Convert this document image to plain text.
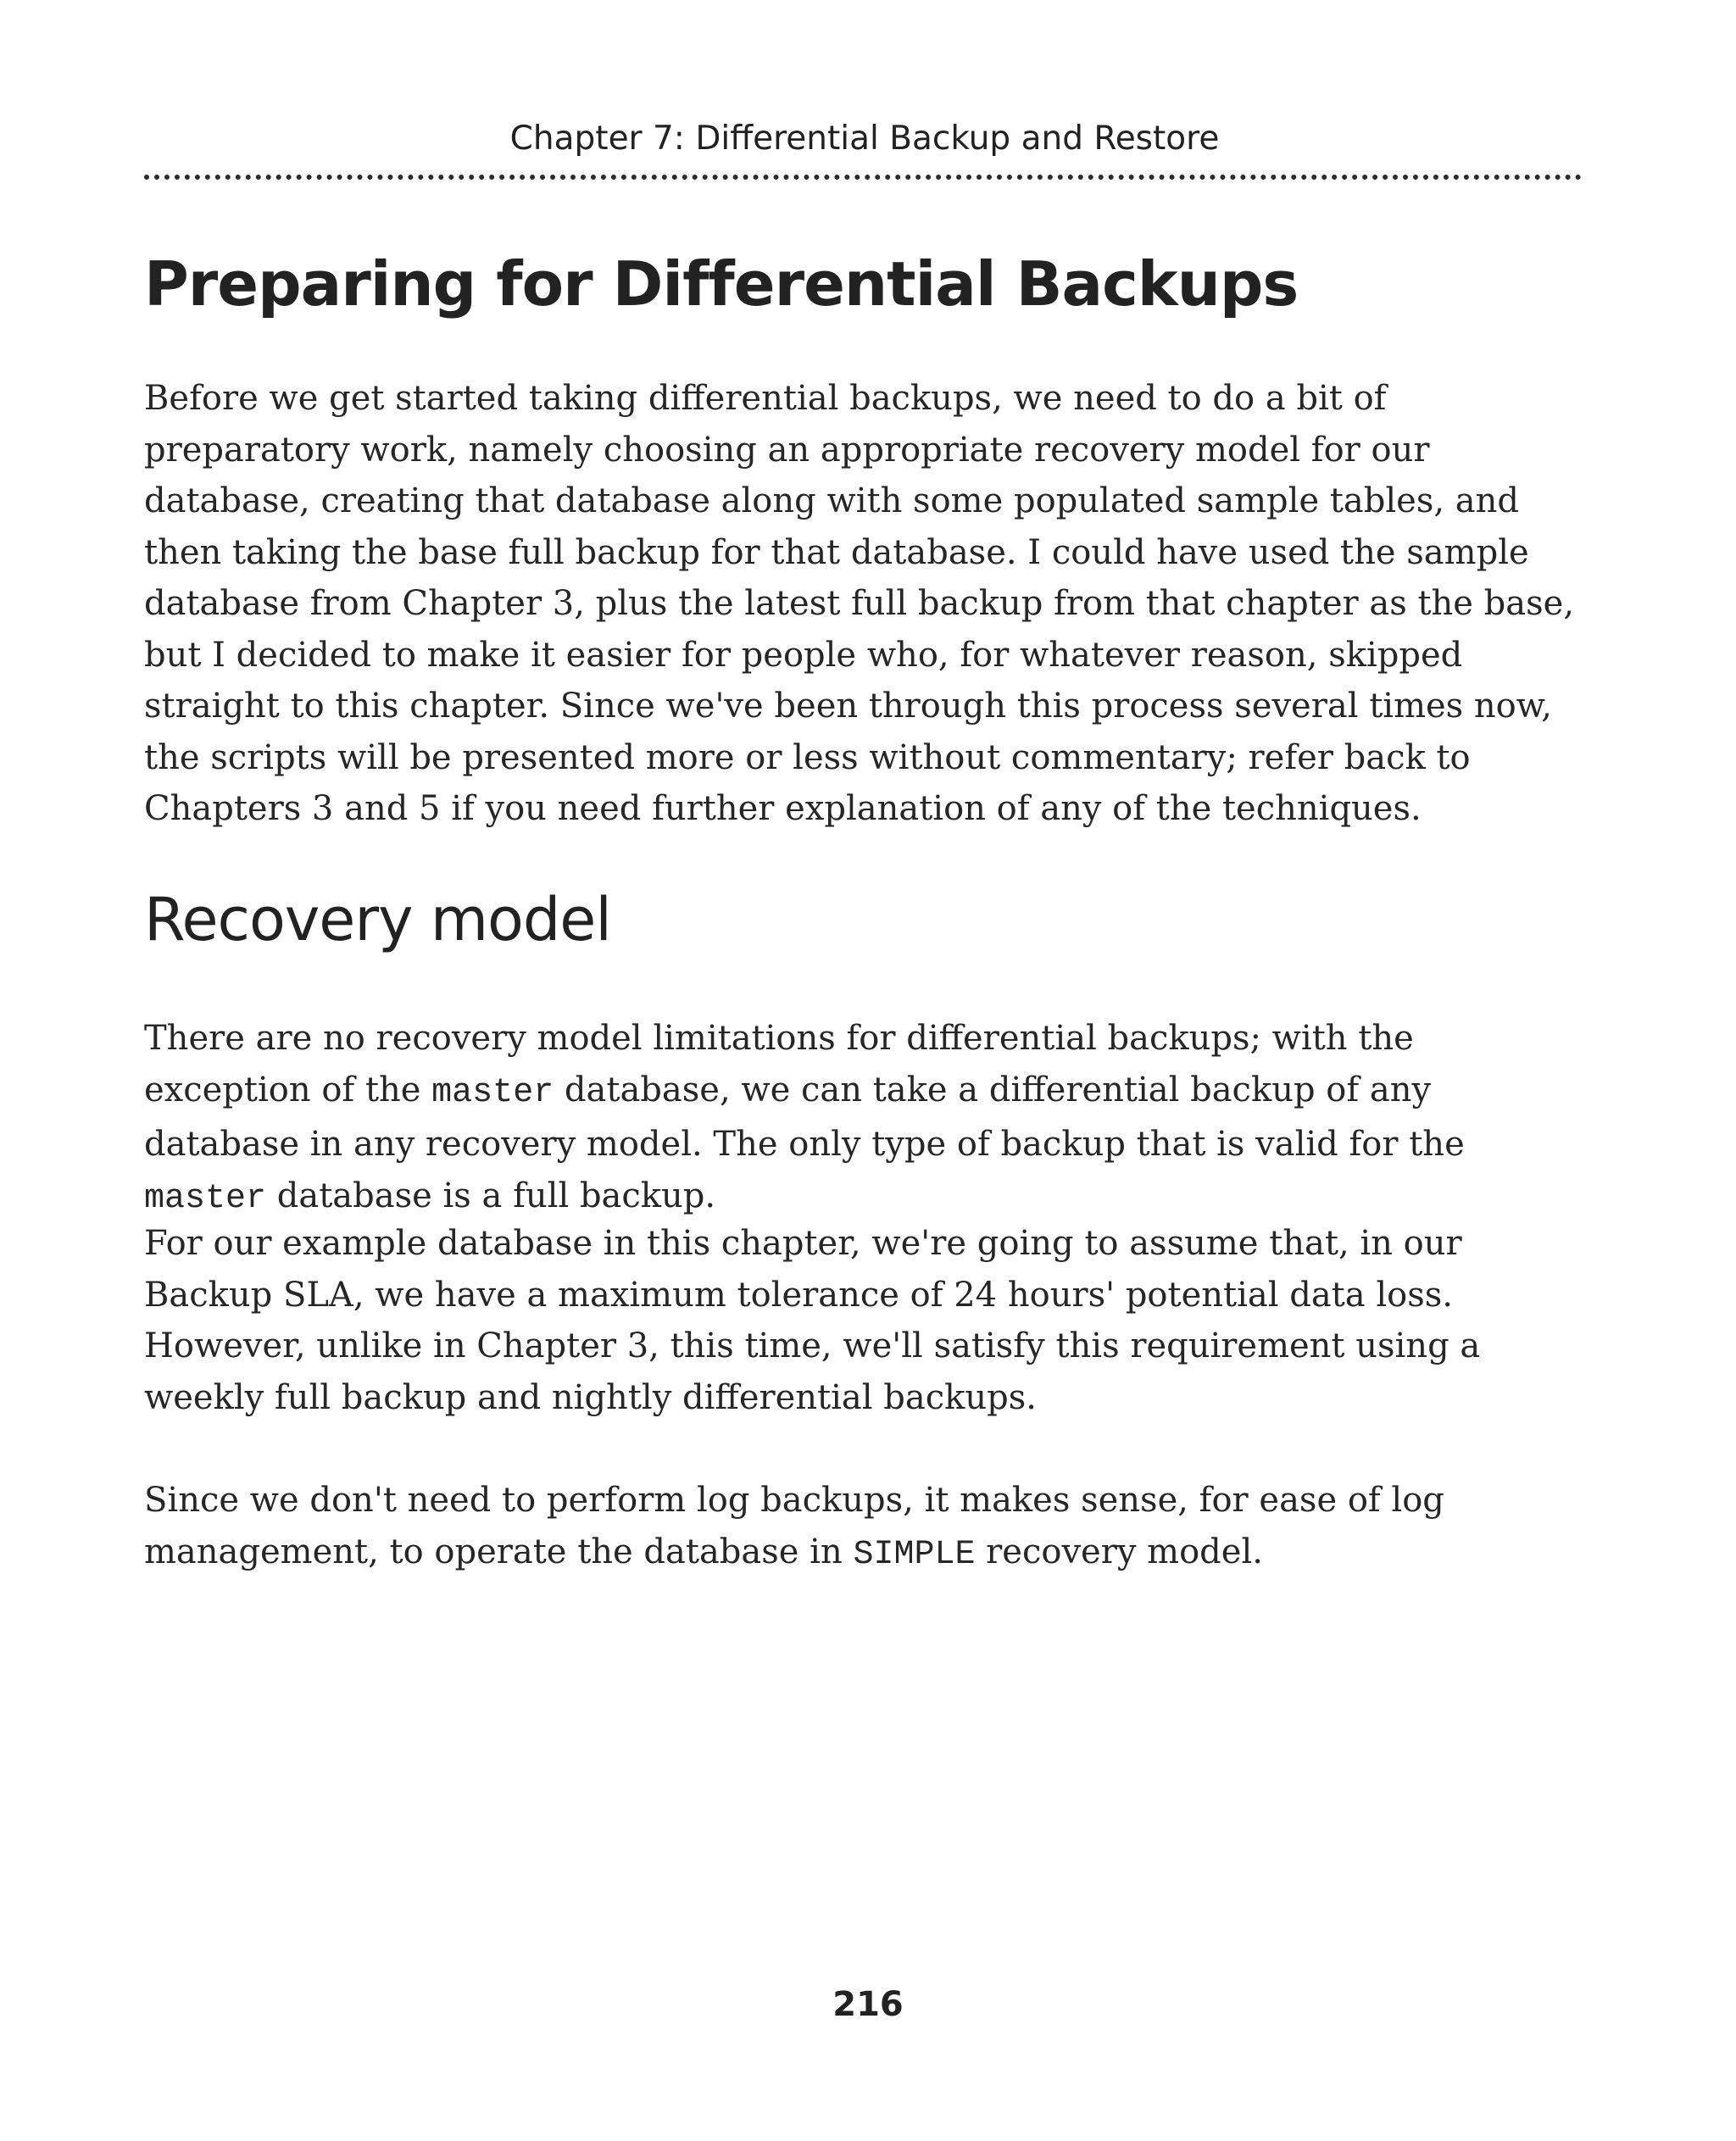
Chapter 7: Differential Backup and Restore
Preparing for Differential Backups

Before we get started taking differential backups, we need to do a bit of preparatory work, namely choosing an appropriate recovery model for our database, creating that database along with some populated sample tables, and then taking the base full backup for that database. I could have used the sample database from Chapter 3, plus the latest full backup from that chapter as the base, but I decided to make it easier for people who, for whatever reason, skipped straight to this chapter. Since we've been through this process several times now, the scripts will be presented more or less without commentary; refer back to Chapters 3 and 5 if you need further explanation of any of the techniques.

Recovery model

There are no recovery model limitations for differential backups; with the exception of the master database, we can take a differential backup of any database in any recovery model. The only type of backup that is valid for the master database is a full backup.

For our example database in this chapter, we're going to assume that, in our Backup SLA, we have a maximum tolerance of 24 hours' potential data loss. However, unlike in Chapter 3, this time, we'll satisfy this requirement using a weekly full backup and nightly differential backups.

Since we don't need to perform log backups, it makes sense, for ease of log management, to operate the database in SIMPLE recovery model.

216
